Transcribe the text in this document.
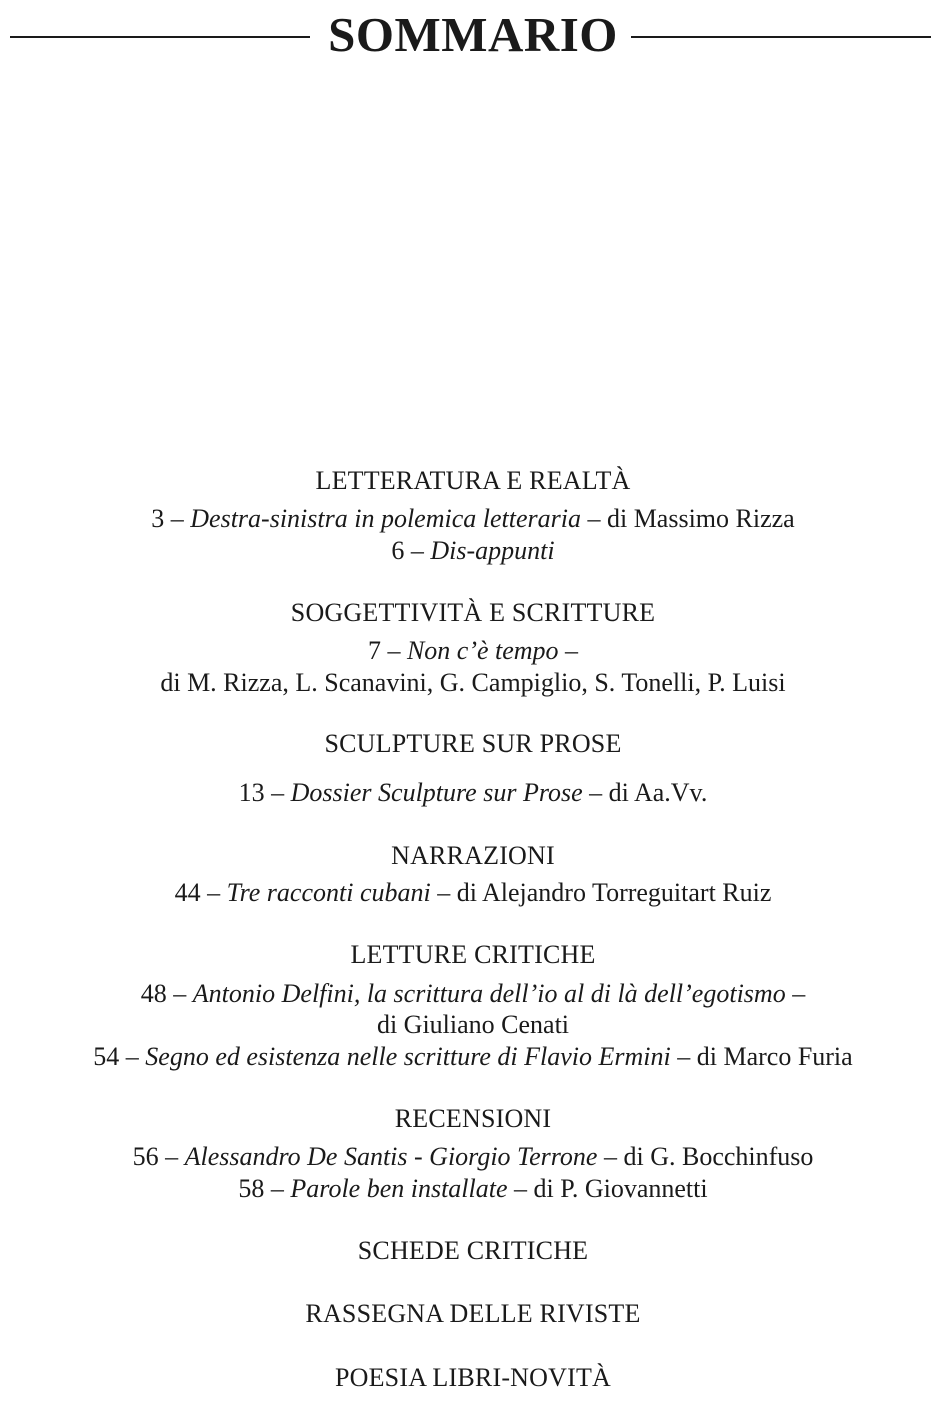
SOMMARIO
LETTERATURA E REALTÀ
3 – Destra-sinistra in polemica letteraria – di Massimo Rizza
6 – Dis-appunti
SOGGETTIVITÀ E SCRITTURE
7 – Non c’è tempo –
di M. Rizza, L. Scanavini, G. Campiglio, S. Tonelli, P. Luisi
SCULPTURE SUR PROSE
13 – Dossier Sculpture sur Prose – di Aa.Vv.
NARRAZIONI
44 – Tre racconti cubani – di Alejandro Torreguitart Ruiz
LETTURE CRITICHE
48 – Antonio Delfini, la scrittura dell’io al di là dell’egotismo –
di Giuliano Cenati
54 – Segno ed esistenza nelle scritture di Flavio Ermini – di Marco Furia
RECENSIONI
56 – Alessandro De Santis - Giorgio Terrone – di G. Bocchinfuso
58 – Parole ben installate – di P. Giovannetti
SCHEDE CRITICHE
RASSEGNA DELLE RIVISTE
POESIA LIBRI-NOVITÀ
